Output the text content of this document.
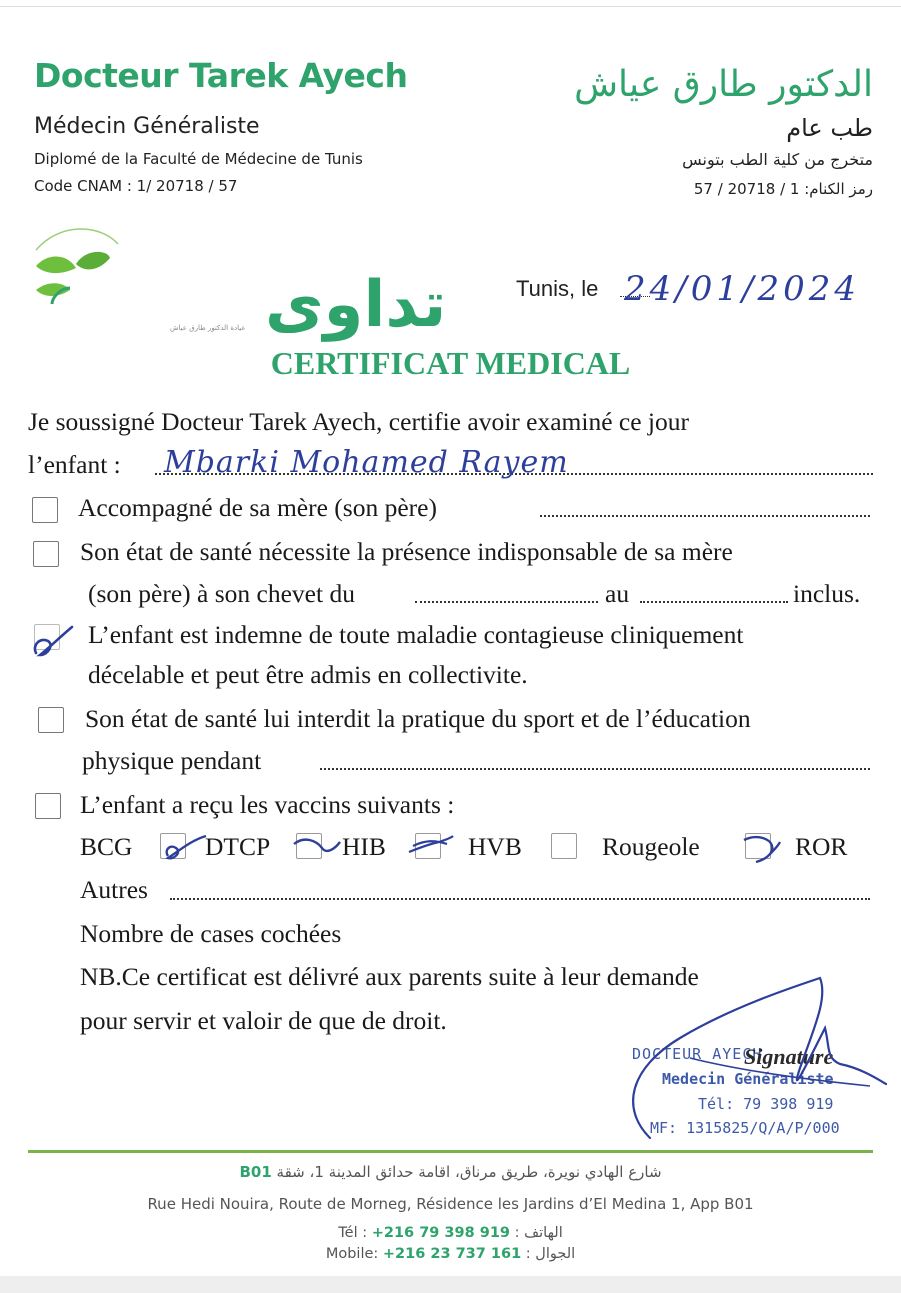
Docteur Tarek Ayech
Médecin Généraliste
Diplomé de la Faculté de Médecine de Tunis
Code CNAM : 1/ 20718 / 57
الدكتور طارق عياش
طب عام
متخرج من كلية الطب بتونس
رمز الكنام: 1 / 20718 / 57
تداوى
عيادة الدكتور طارق عياش
Tunis, le 24/01/2024
CERTIFICAT MEDICAL
Je soussigné Docteur Tarek Ayech, certifie avoir examiné ce jour
l’enfant : Mbarki Mohamed Rayem
Accompagné de sa mère (son père)
Son état de santé nécessite la présence indisponsable de sa mère
(son père) à son chevet du	au	inclus.
L’enfant est indemne de toute maladie contagieuse cliniquement
décelable et peut être admis en collectivite.
Son état de santé lui interdit la pratique du sport et de l’éducation
physique pendant
L’enfant a reçu les vaccins suivants :
BCG	DTCP	HIB	HVB	Rougeole	ROR
Autres
Nombre de cases cochées
NB.Ce certificat est délivré aux parents suite à leur demande
pour servir et valoir de que de droit.
DOCTEUR AYECH
Medecin Généraliste
Tél: 79 398 919
MF: 1315825/Q/A/P/000
Signature
شارع الهادي نويرة، طريق مرناق، اقامة حدائق المدينة 1، شقة B01
Rue Hedi Nouira, Route de Morneg, Résidence les Jardins d’El Medina 1, App B01
Tél : +216 79 398 919 : الهاتف
Mobile: +216 23 737 161 : الجوال
